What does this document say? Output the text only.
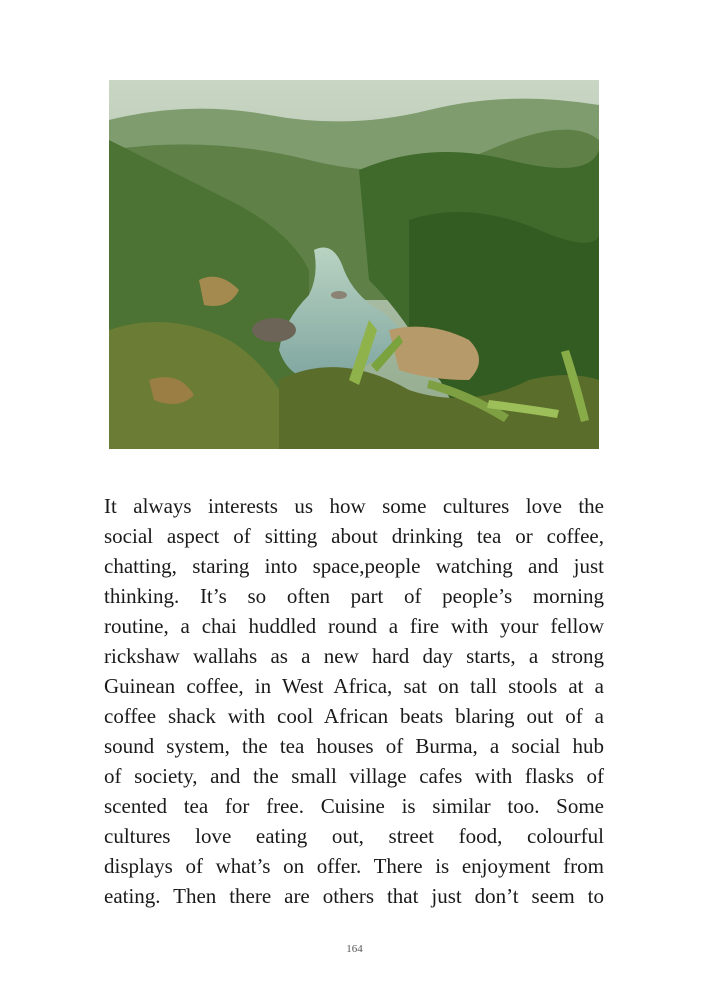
It always interests us how some cultures love the
social aspect of sitting about drinking tea or coffee,
chatting, staring into space,people watching and just
thinking. It’s so often part of people’s morning
routine, a chai huddled round a fire with your fellow
rickshaw wallahs as a new hard day starts, a strong
Guinean coffee, in West Africa, sat on tall stools at a
coffee shack with cool African beats blaring out of a
sound system, the tea houses of Burma, a social hub
of society, and the small village cafes with flasks of
scented tea for free. Cuisine is similar too. Some
cultures love eating out, street food, colourful
displays of what’s on offer. There is enjoyment from
eating. Then there are others that just don’t seem to
164
